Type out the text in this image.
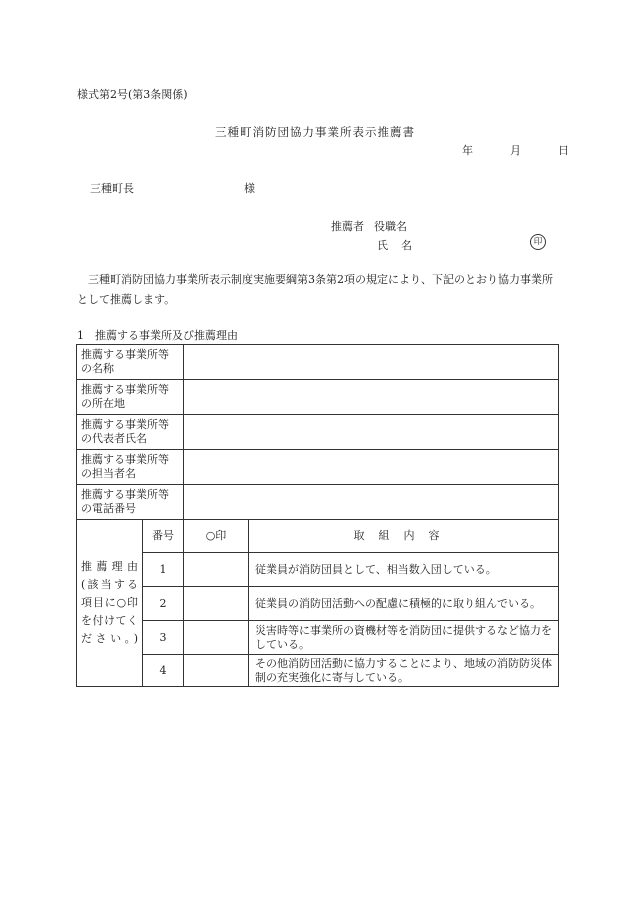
様式第2号(第3条関係)
三種町消防団協力事業所表示推薦書
年	月	日
三種町長	様
推薦者 役職名
氏 名	印
三種町消防団協力事業所表示制度実施要綱第3条第2項の規定により、下記のとおり協力事業所として推薦します。
1 推薦する事業所及び推薦理由
推薦する事業所等の名称			
推薦する事業所等の所在地			
推薦する事業所等の代表者氏名			
推薦する事業所等の担当者名			
推薦する事業所等の電話番号			
推薦理由(該当する項目に○印を付けてください。)	番号	○印	取組内容
	1		従業員が消防団員として、相当数入団している。
	2		従業員の消防団活動への配慮に積極的に取り組んでいる。
	3		災害時等に事業所の資機材等を消防団に提供するなど協力をしている。
	4		その他消防団活動に協力することにより、地域の消防防災体制の充実強化に寄与している。
